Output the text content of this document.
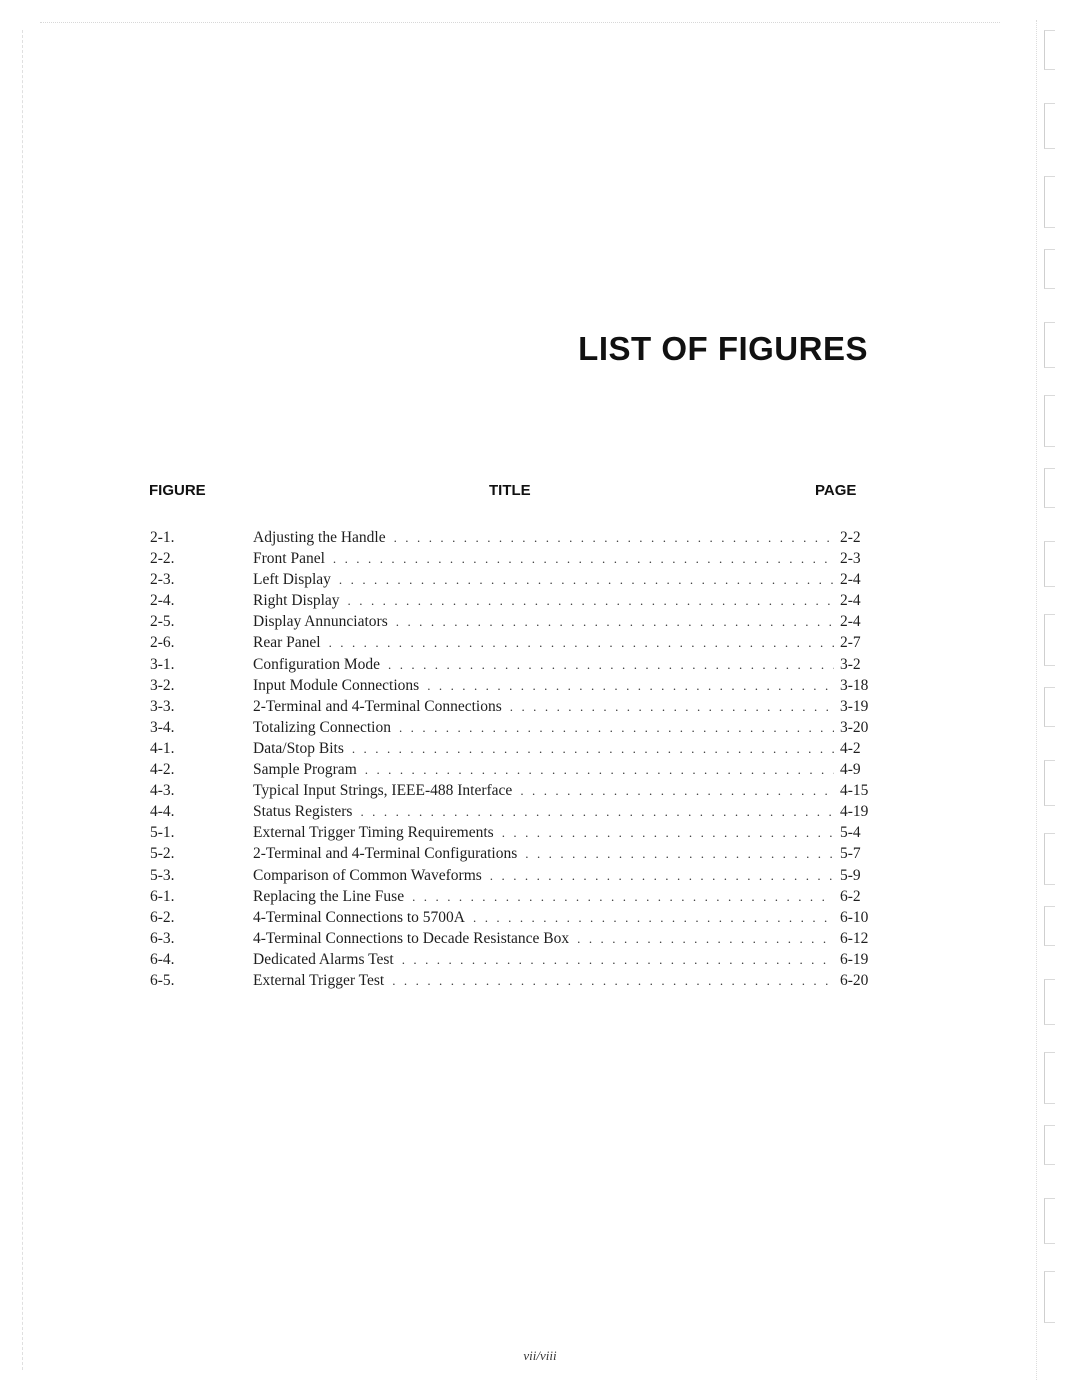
LIST OF FIGURES
FIGURE	TITLE	PAGE
2-1.	Adjusting the Handle . . .	2-2
2-2.	Front Panel . . .	2-3
2-3.	Left Display . . .	2-4
2-4.	Right Display . . .	2-4
2-5.	Display Annunciators . . .	2-4
2-6.	Rear Panel . . .	2-7
3-1.	Configuration Mode . . .	3-2
3-2.	Input Module Connections . . .	3-18
3-3.	2-Terminal and 4-Terminal Connections . . .	3-19
3-4.	Totalizing Connection . . .	3-20
4-1.	Data/Stop Bits . . .	4-2
4-2.	Sample Program . . .	4-9
4-3.	Typical Input Strings, IEEE-488 Interface . . .	4-15
4-4.	Status Registers . . .	4-19
5-1.	External Trigger Timing Requirements . . .	5-4
5-2.	2-Terminal and 4-Terminal Configurations . . .	5-7
5-3.	Comparison of Common Waveforms . . .	5-9
6-1.	Replacing the Line Fuse . . .	6-2
6-2.	4-Terminal Connections to 5700A . . .	6-10
6-3.	4-Terminal Connections to Decade Resistance Box . . .	6-12
6-4.	Dedicated Alarms Test . . .	6-19
6-5.	External Trigger Test . . .	6-20
vii/viii
